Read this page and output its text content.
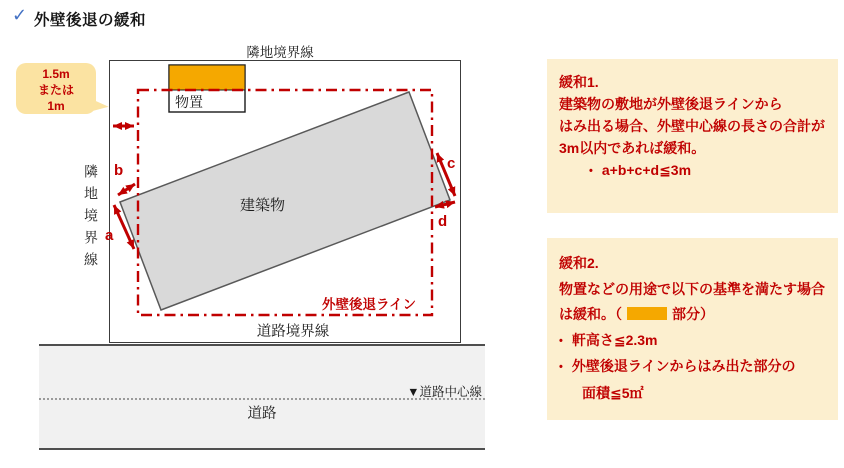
✓ 外壁後退の緩和
▼道路中心線
道路
隣地境界線
隣地境界線
物置
建築物
外壁後退ライン
道路境界線
a
b	c
d
1.5m
または
1m
緩和1.
建築物の敷地が外壁後退ラインから
はみ出る場合、外壁中心線の長さの合計が
3m以内であれば緩和。
• a+b+c+d≦3m
緩和2.
物置などの用途で以下の基準を満たす場合
は緩和。（	部分）
• 軒高さ≦2.3m
• 外壁後退ラインからはみ出た部分の
面積≦5㎡
